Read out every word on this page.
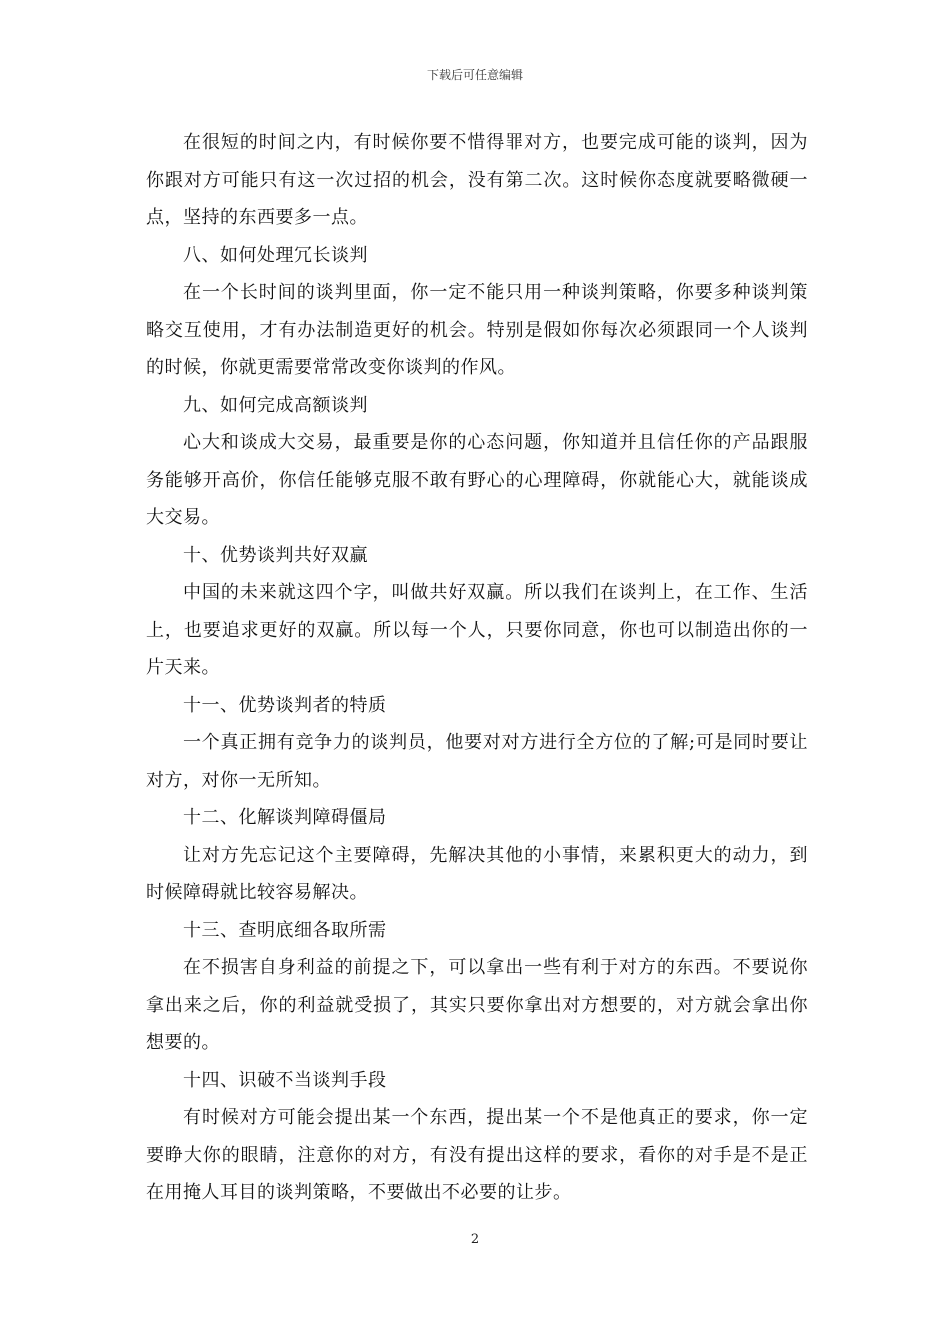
下载后可任意编辑

在很短的时间之内，有时候你要不惜得罪对方，也要完成可能的谈判，因为你跟对方可能只有这一次过招的机会，没有第二次。这时候你态度就要略微硬一点，坚持的东西要多一点。

八、如何处理冗长谈判

在一个长时间的谈判里面，你一定不能只用一种谈判策略，你要多种谈判策略交互使用，才有办法制造更好的机会。特别是假如你每次必须跟同一个人谈判的时候，你就更需要常常改变你谈判的作风。

九、如何完成高额谈判

心大和谈成大交易，最重要是你的心态问题，你知道并且信任你的产品跟服务能够开高价，你信任能够克服不敢有野心的心理障碍，你就能心大，就能谈成大交易。

十、优势谈判共好双赢

中国的未来就这四个字，叫做共好双赢。所以我们在谈判上，在工作、生活上，也要追求更好的双赢。所以每一个人，只要你同意，你也可以制造出你的一片天来。

十一、优势谈判者的特质

一个真正拥有竞争力的谈判员，他要对对方进行全方位的了解;可是同时要让对方，对你一无所知。

十二、化解谈判障碍僵局

让对方先忘记这个主要障碍，先解决其他的小事情，来累积更大的动力，到时候障碍就比较容易解决。

十三、查明底细各取所需

在不损害自身利益的前提之下，可以拿出一些有利于对方的东西。不要说你拿出来之后，你的利益就受损了，其实只要你拿出对方想要的，对方就会拿出你想要的。

十四、识破不当谈判手段

有时候对方可能会提出某一个东西，提出某一个不是他真正的要求，你一定要睁大你的眼睛，注意你的对方，有没有提出这样的要求，看你的对手是不是正在用掩人耳目的谈判策略，不要做出不必要的让步。

2
